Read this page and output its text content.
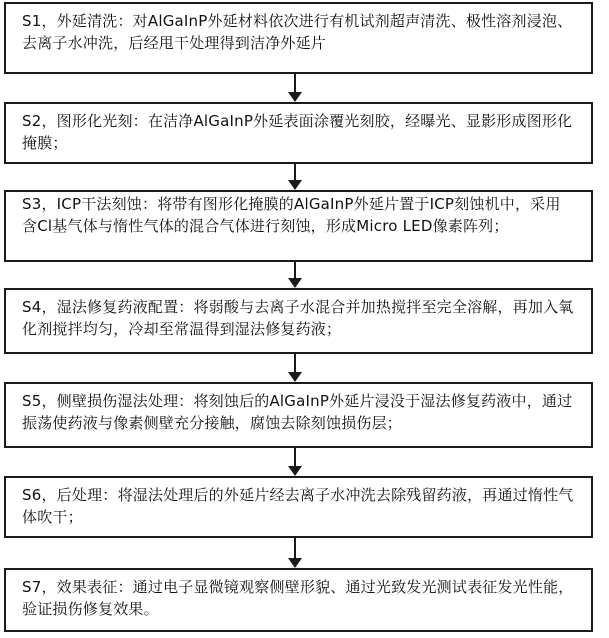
S1，外延清洗：对AlGaInP外延材料依次进行有机试剂超声清洗、极性溶剂浸泡、去离子水冲洗，后经甩干处理得到洁净外延片
S2，图形化光刻：在洁净AlGaInP外延表面涂覆光刻胶，经曝光、显影形成图形化掩膜；
S3，ICP干法刻蚀：将带有图形化掩膜的AlGaInP外延片置于ICP刻蚀机中，采用含Cl基气体与惰性气体的混合气体进行刻蚀，形成Micro LED像素阵列；
S4，湿法修复药液配置：将弱酸与去离子水混合并加热搅拌至完全溶解，再加入氧化剂搅拌均匀，冷却至常温得到湿法修复药液；
S5，侧壁损伤湿法处理：将刻蚀后的AlGaInP外延片浸没于湿法修复药液中，通过振荡使药液与像素侧壁充分接触，腐蚀去除刻蚀损伤层；
S6，后处理：将湿法处理后的外延片经去离子水冲洗去除残留药液，再通过惰性气体吹干；
S7，效果表征：通过电子显微镜观察侧壁形貌、通过光致发光测试表征发光性能，验证损伤修复效果。
